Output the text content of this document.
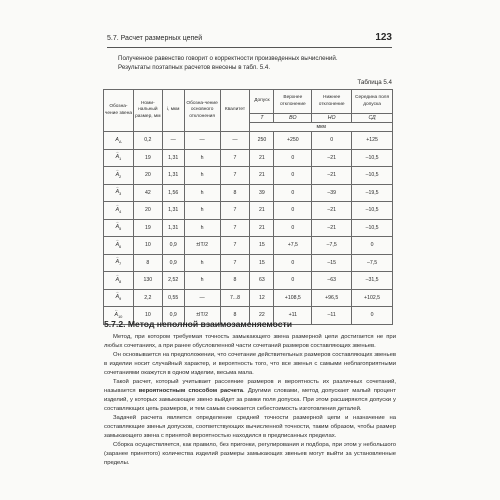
5.7. Расчет размерных цепей	123

Полученное равенство говорит о корректности произведенных вычислений.

Результаты поэтапных расчетов внесены в табл. 5.4.

Таблица 5.4
Обозна-чение звена	Номи-нальный размер, мм	i, мкм	Обозна-чение основного отклонения	Квалитет	Допуск	Верхнее отклонение	Нижнее отклонение	Середина поля допуска
					T	ВО	НО	СД
					мкм			
$A_\Delta$	0,2	—	—	—	250	+250	0	+125
← $A_1$	19	1,31	h	7	21	0	–21	–10,5
← $A_2$	20	1,31	h	7	21	0	–21	–10,5
← $A_3$	42	1,56	h	8	39	0	–39	–19,5
← $A_4$	20	1,31	h	7	21	0	–21	–10,5
← $A_5$	19	1,31	h	7	21	0	–21	–10,5
← $A_6$	10	0,9	±IT/2	7	15	+7,5	–7,5	0
← $A_7$	8	0,9	h	7	15	0	–15	–7,5
← $A_8$	130	2,52	h	8	63	0	–63	–31,5
← $A_9$	2,2	0,55	—	7...8	12	+108,5	+96,5	+102,5
← $A_{10}$	10	0,9	±IT/2	8	22	+11	–11	0
5.7.2. Метод неполной взаимозаменяемости

Метод, при котором требуемая точность замыкающего звена размерной цепи достигается не при любых сочетаниях, а при ранее обусловленной части сочетаний размеров составляющих звеньев.

Он основывается на предположении, что сочетание действительных размеров составляющих звеньев в изделии носит случайный характер, и вероятность того, что все звенья с самыми неблагоприятными сочетаниями окажутся в одном изделии, весьма мала.

Такой расчет, который учитывает рассеяние размеров и вероятность их различных сочетаний, называется вероятностным способом расчета. Другими словами, метод допускает малый процент изделий, у которых замыкающее звено выйдет за рамки поля допуска. При этом расширяются допуски у составляющих цепь размеров, и тем самым снижается себестоимость изготовления деталей.

Задачей расчета является определение средней точности размерной цепи и назначение на составляющие звенья допусков, соответствующих вычисленной точности, таким образом, чтобы размер замыкающего звена с принятой вероятностью находился в предписанных пределах.

Сборка осуществляется, как правило, без пригонки, регулирования и подбора, при этом у небольшого (заранее принятого) количества изделий размеры замыкающих звеньев могут выйти за установленные пределы.
